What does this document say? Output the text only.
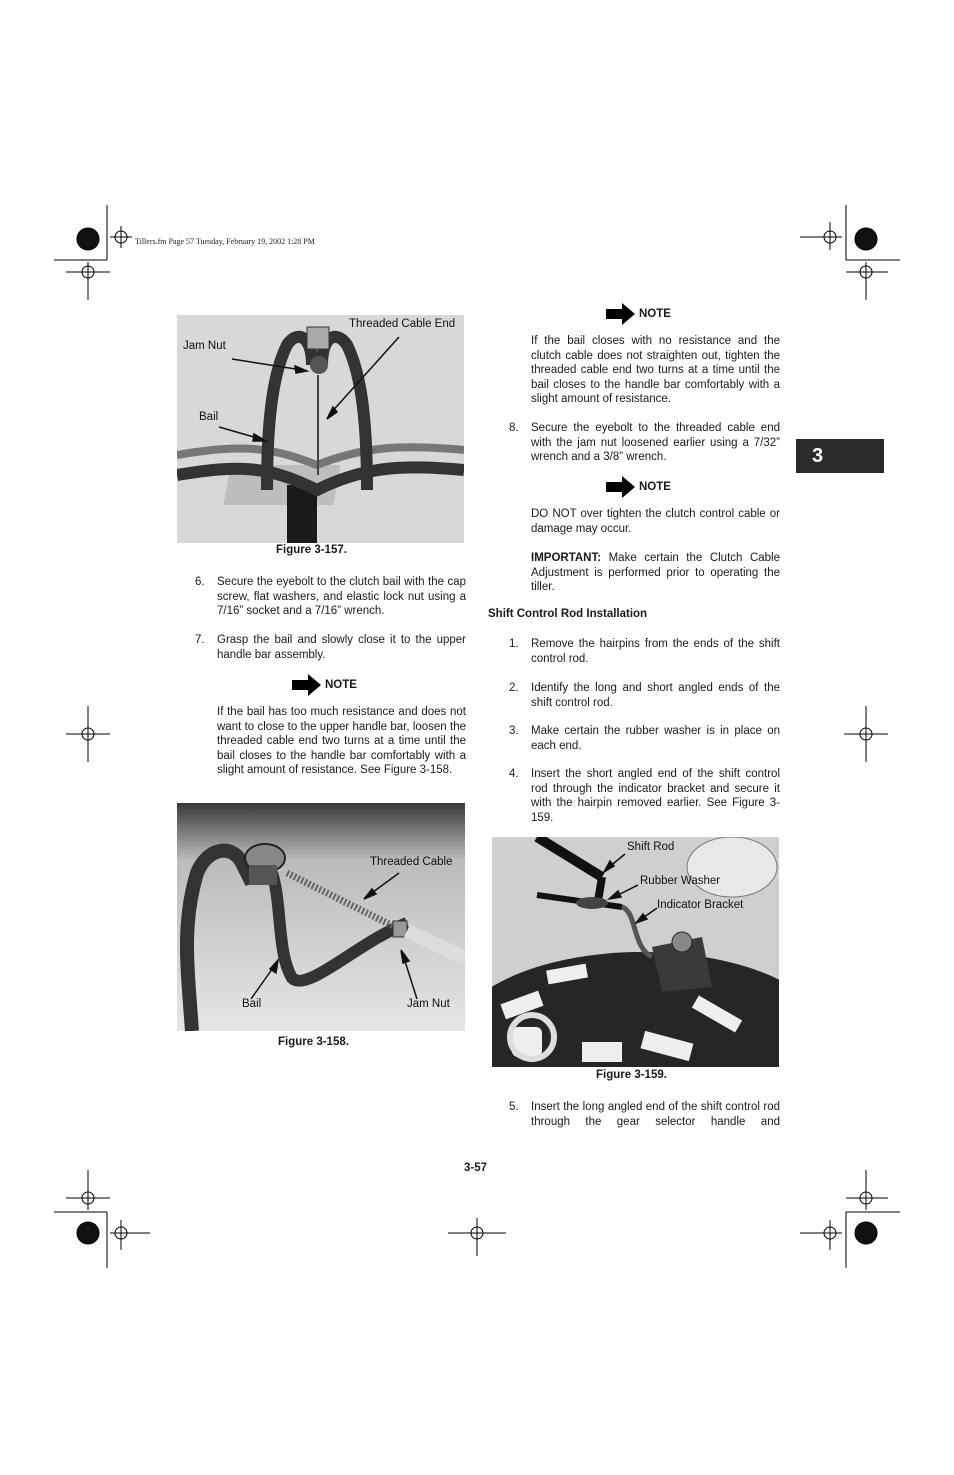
Tillers.fm Page 57 Tuesday, February 19, 2002 1:28 PM
3
Threaded Cable End
Jam Nut
Bail
Figure 3-157.
6. Secure the eyebolt to the clutch bail with the cap screw, flat washers, and elastic lock nut using a 7/16” socket and a 7/16” wrench.
7. Grasp the bail and slowly close it to the upper handle bar assembly.
NOTE
If the bail has too much resistance and does not want to close to the upper handle bar, loosen the threaded cable end two turns at a time until the bail closes to the handle bar comfortably with a slight amount of resistance. See Figure 3-158.
Threaded Cable
Bail	Jam Nut
Figure 3-158.
NOTE
If the bail closes with no resistance and the clutch cable does not straighten out, tighten the threaded cable end two turns at a time until the bail closes to the handle bar comfortably with a slight amount of resistance.
8. Secure the eyebolt to the threaded cable end with the jam nut loosened earlier using a 7/32” wrench and a 3/8” wrench.
NOTE
DO NOT over tighten the clutch control cable or damage may occur.
IMPORTANT: Make certain the Clutch Cable Adjustment is performed prior to operating the tiller.
Shift Control Rod Installation
1. Remove the hairpins from the ends of the shift control rod.
2. Identify the long and short angled ends of the shift control rod.
3. Make certain the rubber washer is in place on each end.
4. Insert the short angled end of the shift control rod through the indicator bracket and secure it with the hairpin removed earlier. See Figure 3-159.
Shift Rod
Rubber Washer
Indicator Bracket
Figure 3-159.
5. Insert the long angled end of the shift control rod through the gear selector handle and
3-57
